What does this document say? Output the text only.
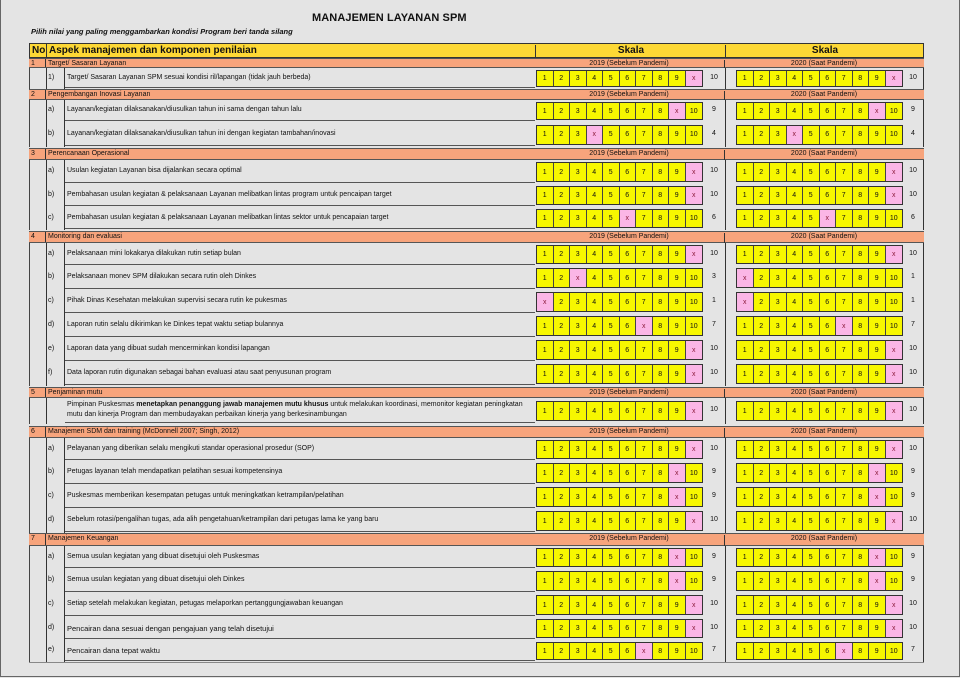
MANAJEMEN LAYANAN SPM
Pilih nilai yang paling menggambarkan kondisi Program beri tanda silang
No Aspek manajemen dan komponen penilaian	Skala	Skala
1 Target/ Sasaran Layanan	2019 (Sebelum Pandemi)	2020 (Saat Pandemi)
1) Target/ Sasaran Layanan SPM sesuai kondisi ril/lapangan (tidak jauh berbeda)	1	2	3	4	5	6	7	8	9	x	10	1	2	3	4	5	6	7	8	9	x	10
2 Pengembangan Inovasi Layanan	2019 (Sebelum Pandemi)	2020 (Saat Pandemi)
a) Layanan/kegiatan dilaksanakan/diusulkan tahun ini sama dengan tahun lalu	1	2	3	4	5	6	7	8	x	10	9	1	2	3	4	5	6	7	8	x	10	9
b) Layanan/kegiatan dilaksanakan/diusulkan tahun ini dengan kegiatan tambahan/inovasi	1	2	3	x	5	6	7	8	9	10	4	1	2	3	x	5	6	7	8	9	10	4
3 Perencanaan Operasional	2019 (Sebelum Pandemi)	2020 (Saat Pandemi)
a) Usulan kegiatan Layanan bisa dijalankan secara optimal	1	2	3	4	5	6	7	8	9	x	10	1	2	3	4	5	6	7	8	9	x	10
b) Pembahasan usulan kegiatan & pelaksanaan Layanan melibatkan lintas program untuk pencaipan target	1	2	3	4	5	6	7	8	9	x	10	1	2	3	4	5	6	7	8	9	x	10
c) Pembahasan usulan kegiatan & pelaksanaan Layanan melibatkan lintas sektor untuk pencapaian target	1	2	3	4	5	x	7	8	9	10	6	1	2	3	4	5	x	7	8	9	10	6
4 Monitoring dan evaluasi	2019 (Sebelum Pandemi)	2020 (Saat Pandemi)
a) Pelaksanaan mini lokakarya dilakukan rutin setiap bulan	1	2	3	4	5	6	7	8	9	x	10	1	2	3	4	5	6	7	8	9	x	10
b) Pelaksanaan monev SPM dilakukan secara rutin oleh Dinkes	1	2	x	4	5	6	7	8	9	10	3	x	2	3	4	5	6	7	8	9	10	1
c) Pihak Dinas Kesehatan melakukan supervisi secara rutin ke pukesmas	x	2	3	4	5	6	7	8	9	10	1	x	2	3	4	5	6	7	8	9	10	1
d) Laporan rutin selalu dikirimkan ke Dinkes tepat waktu setiap bulannya	1	2	3	4	5	6	x	8	9	10	7	1	2	3	4	5	6	x	8	9	10	7
e) Laporan data yang dibuat sudah mencerminkan kondisi lapangan	1	2	3	4	5	6	7	8	9	x	10	1	2	3	4	5	6	7	8	9	x	10
f) Data laporan rutin digunakan sebagai bahan evaluasi atau saat penyusunan program	1	2	3	4	5	6	7	8	9	x	10	1	2	3	4	5	6	7	8	9	x	10
5 Penjaminan mutu	2019 (Sebelum Pandemi)	2020 (Saat Pandemi)
Pimpinan Puskesmas menetapkan penanggung jawab manajemen mutu khusus untuk melakukan koordinasi, memonitor kegiatan peningkatan mutu dan kinerja Program dan membudayakan perbaikan kinerja yang berkesinambungan	1	2	3	4	5	6	7	8	9	x	10	1	2	3	4	5	6	7	8	9	x	10
6 Manajemen SDM dan training (McDonnell 2007; Singh, 2012)	2019 (Sebelum Pandemi)	2020 (Saat Pandemi)
a) Pelayanan yang diberikan selalu mengikuti standar operasional prosedur (SOP)	1	2	3	4	5	6	7	8	9	x	10	1	2	3	4	5	6	7	8	9	x	10
b) Petugas layanan telah mendapatkan pelatihan sesuai kompetensinya	1	2	3	4	5	6	7	8	x	10	9	1	2	3	4	5	6	7	8	x	10	9
c) Puskesmas memberikan kesempatan petugas untuk meningkatkan ketrampilan/pelatihan	1	2	3	4	5	6	7	8	x	10	9	1	2	3	4	5	6	7	8	x	10	9
d) Sebelum rotasi/pengalihan tugas, ada alih pengetahuan/ketrampilan dari petugas lama ke yang baru	1	2	3	4	5	6	7	8	9	x	10	1	2	3	4	5	6	7	8	9	x	10
7 Manajemen Keuangan	2019 (Sebelum Pandemi)	2020 (Saat Pandemi)
a) Semua usulan kegiatan yang dibuat disetujui oleh Puskesmas	1	2	3	4	5	6	7	8	x	10	9	1	2	3	4	5	6	7	8	x	10	9
b) Semua usulan kegiatan yang dibuat disetujui oleh Dinkes	1	2	3	4	5	6	7	8	x	10	9	1	2	3	4	5	6	7	8	x	10	9
c) Setiap setelah melakukan kegiatan, petugas melaporkan pertanggungjawaban keuangan	1	2	3	4	5	6	7	8	9	x	10	1	2	3	4	5	6	7	8	9	x	10
d) Pencairan dana sesuai dengan pengajuan yang telah disetujui	1	2	3	4	5	6	7	8	9	x	10	1	2	3	4	5	6	7	8	9	x	10
e) Pencairan dana tepat waktu	1	2	3	4	5	6	x	8	9	10	7	1	2	3	4	5	6	x	8	9	10	7
